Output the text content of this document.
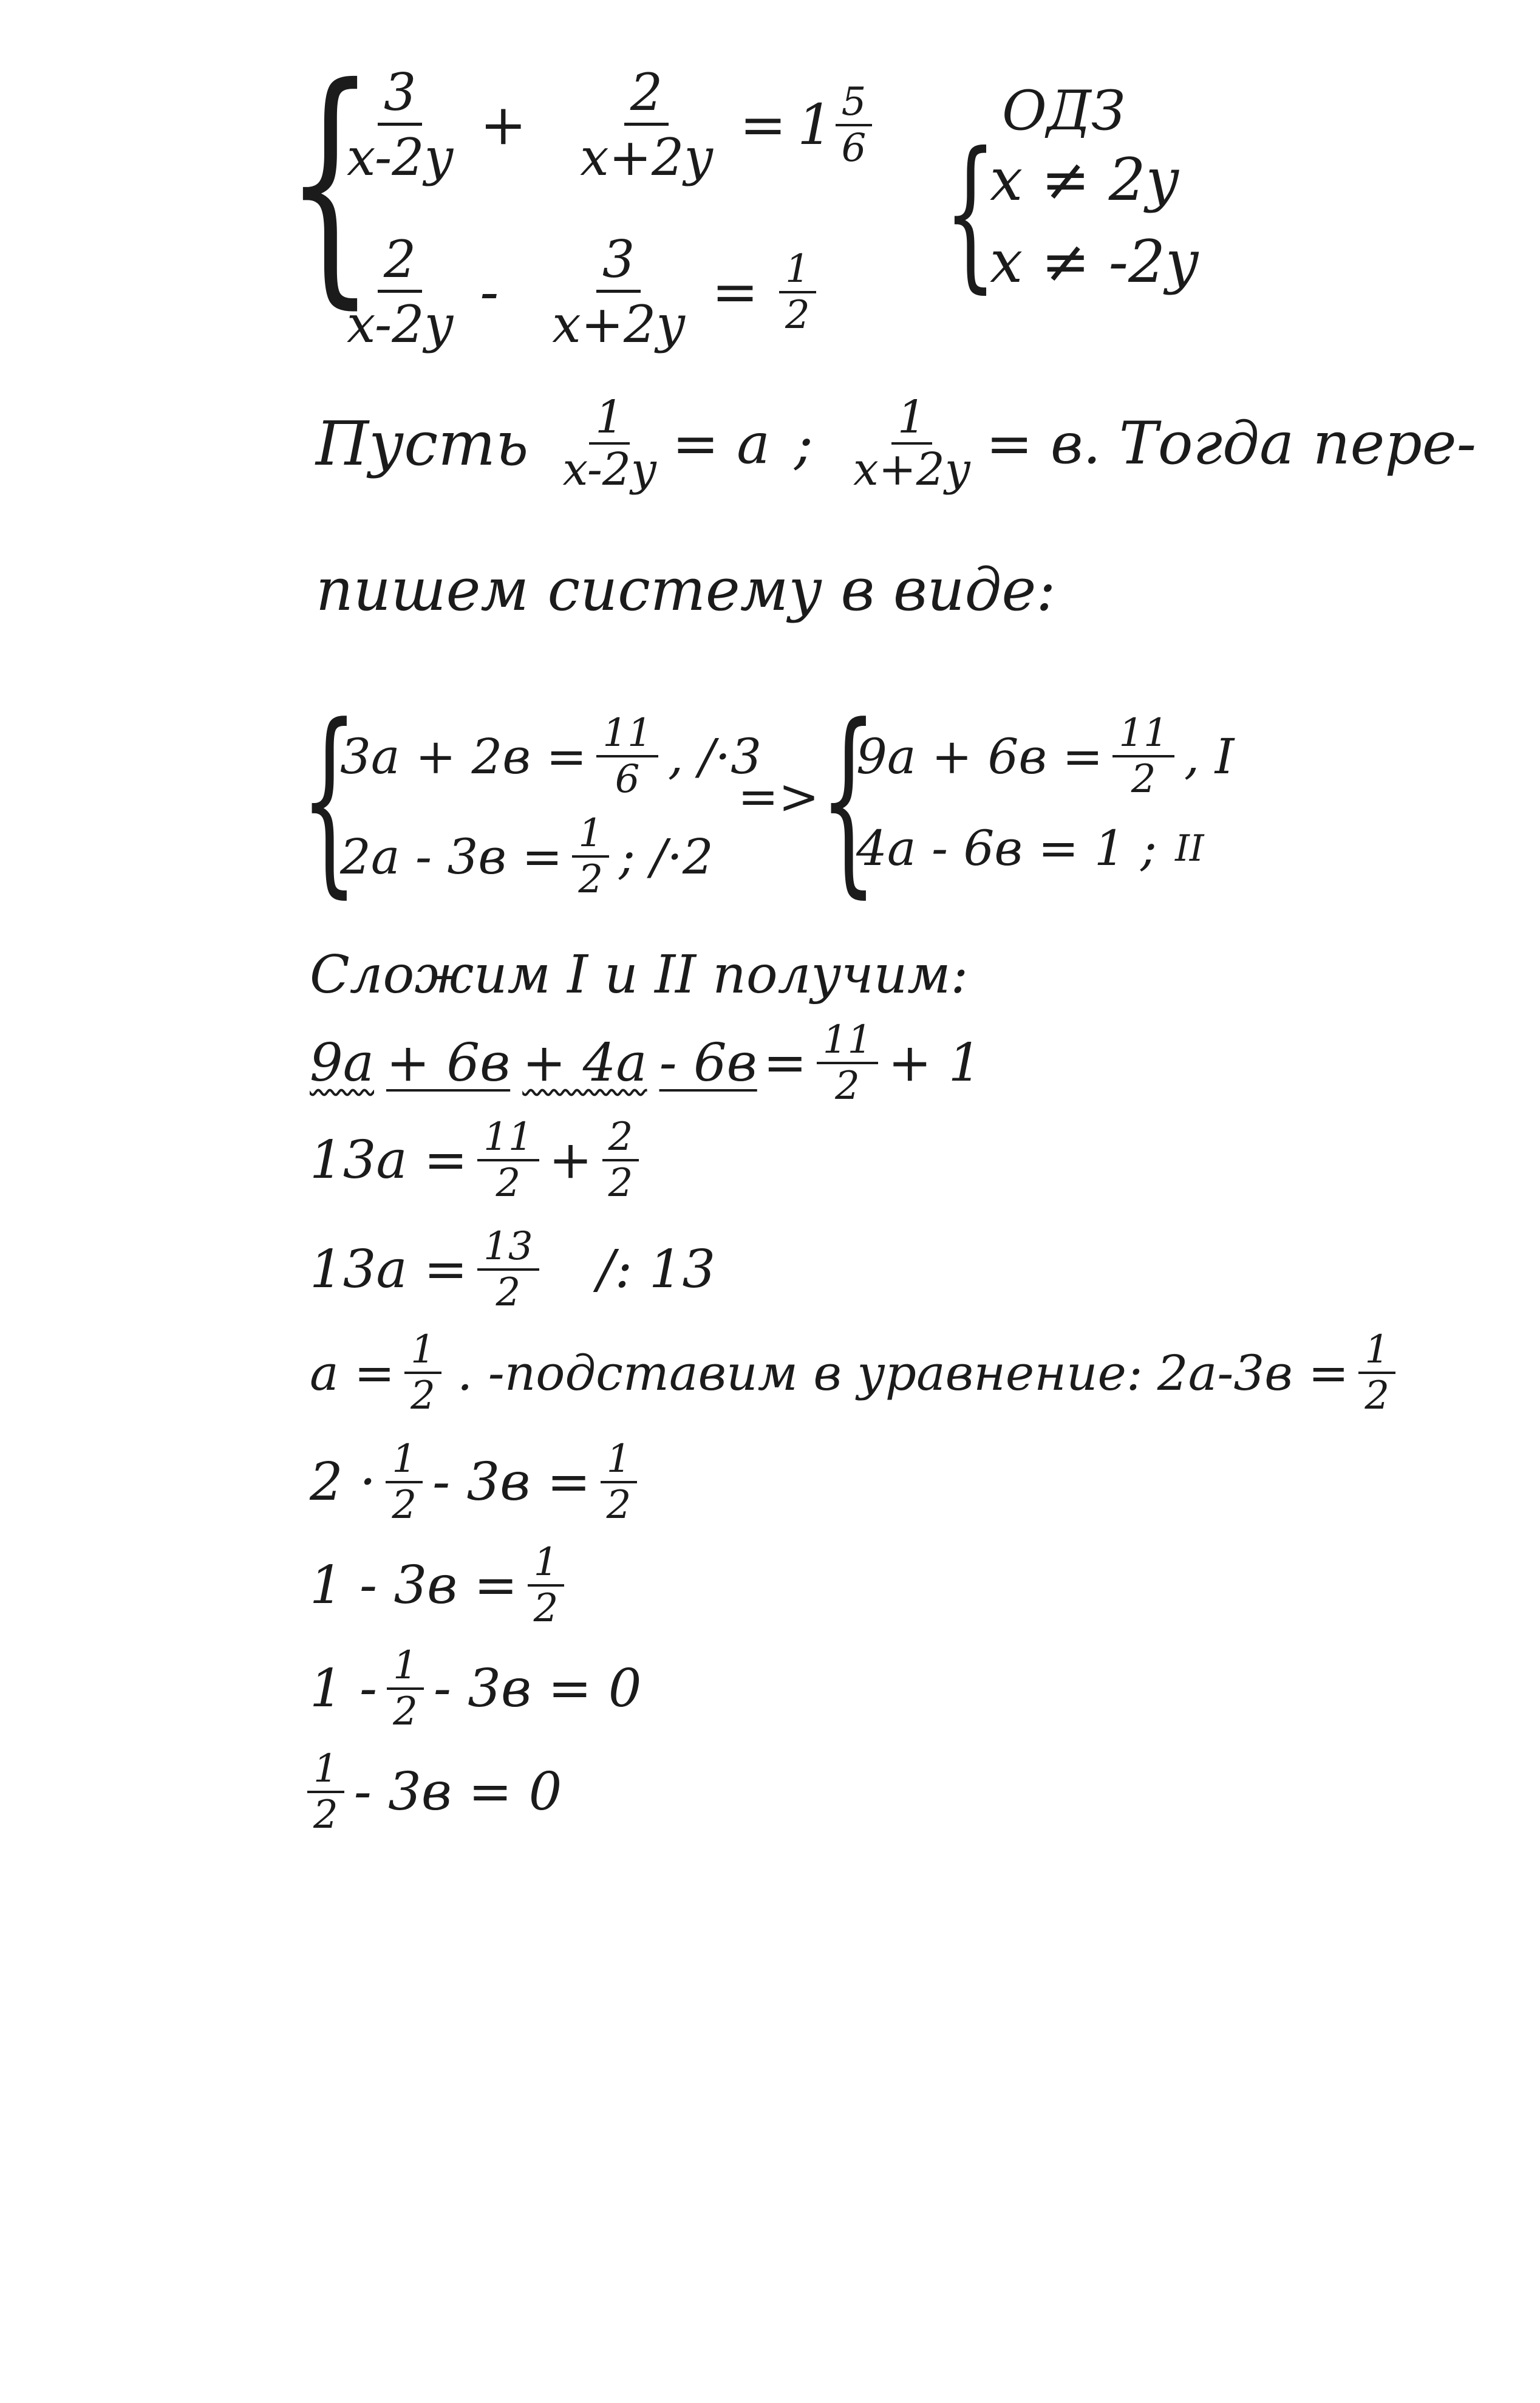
{
$\frac{3}{x-2y} + \frac{2}{x+2y} = 1 \frac{5}{6}$
$\frac{2}{x-2y} - \frac{3}{x+2y} = \frac{1}{2}$
ОДЗ
{
x ≠ 2y
x ≠ -2y
Пусть $\frac{1}{x-2y} = a$ ; $\frac{1}{x+2y} = в$. Тогда пере-
пишем систему в виде:
{
$3a + 2в = \frac{11}{6}$ , /·3
$2a - 3в = \frac{1}{2}$ ; /·2
=> {
$9a + 6в = \frac{11}{2}$ , I
4a - 6в = 1 ; II
Сложим I и II получим:
$9a + 6в + 4a - 6в = \frac{11}{2} + 1$
$13a = \frac{11}{2} + \frac{2}{2}$
$13a = \frac{13}{2}$ /: 13
$a = \frac{1}{2}$ . -подставим в уравнение: $2a-3в = \frac{1}{2}$
$2 \cdot \frac{1}{2} - 3в = \frac{1}{2}$
$1 - 3в = \frac{1}{2}$
$1 - \frac{1}{2} - 3в = 0$
$\frac{1}{2} - 3в = 0$
